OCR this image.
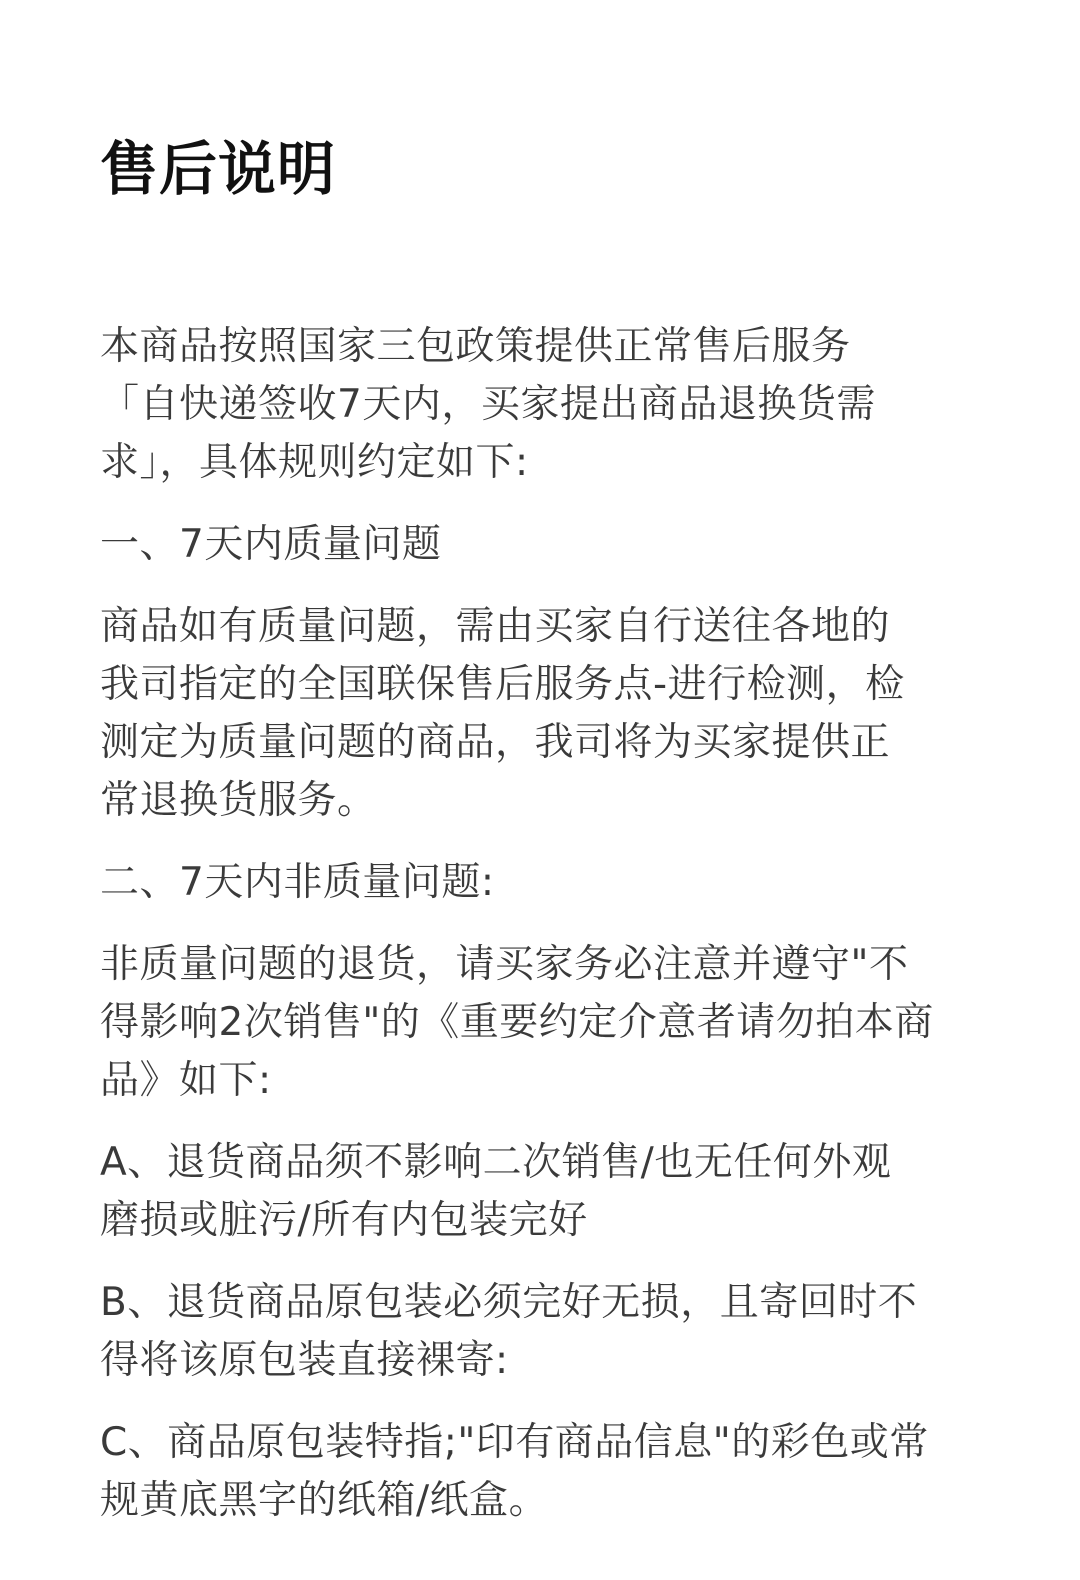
售后说明

本商品按照国家三包政策提供正常售后服务
「自快递签收7天内，买家提出商品退换货需
求」，具体规则约定如下:

一、7天内质量问题

商品如有质量问题，需由买家自行送往各地的
我司指定的全国联保售后服务点-进行检测，检
测定为质量问题的商品，我司将为买家提供正
常退换货服务。

二、7天内非质量问题:

非质量问题的退货，请买家务必注意并遵守"不
得影响2次销售"的《重要约定介意者请勿拍本商
品》如下:

A、退货商品须不影响二次销售/也无任何外观
磨损或脏污/所有内包装完好

B、退货商品原包装必须完好无损，且寄回时不
得将该原包装直接裸寄:

C、商品原包装特指;"印有商品信息"的彩色或常
规黄底黑字的纸箱/纸盒。
